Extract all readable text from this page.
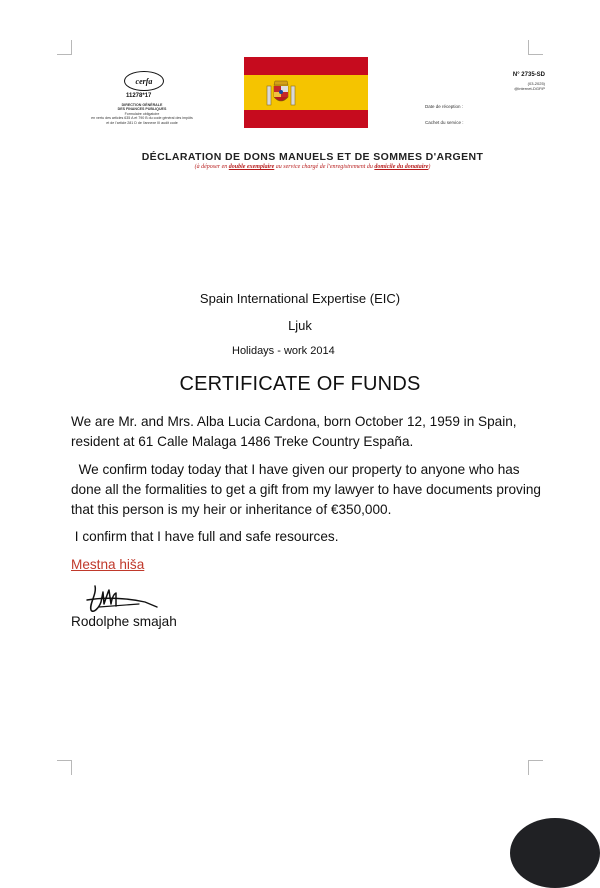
cerfa
11278*17
DIRECTION GÉNÉRALE
DES FINANCES PUBLIQUES
Formulaire obligatoire
en vertu des articles 635 A et 790 B du code général des impôts
et de l'article 281 D de l'annexe III audit code
N° 2735-SD
(03-2025)
@internet-DGFiP
Date de réception :
Cachet du service :
DÉCLARATION DE DONS MANUELS ET DE SOMMES D'ARGENT
(à déposer en double exemplaire au service chargé de l'enregistrement du domicile du donataire)
Spain International Expertise (EIC)
Ljuk
Holidays - work 2014
CERTIFICATE OF FUNDS

We are Mr. and Mrs. Alba Lucia Cardona, born October 12, 1959 in Spain, resident at 61 Calle Malaga 1486 Treke Country España.

We confirm today today that I have given our property to anyone who has done all the formalities to get a gift from my lawyer to have documents proving that this person is my heir or inheritance of €350,000.

I confirm that I have full and safe resources.

Mestna hiša
Rodolphe smajah
